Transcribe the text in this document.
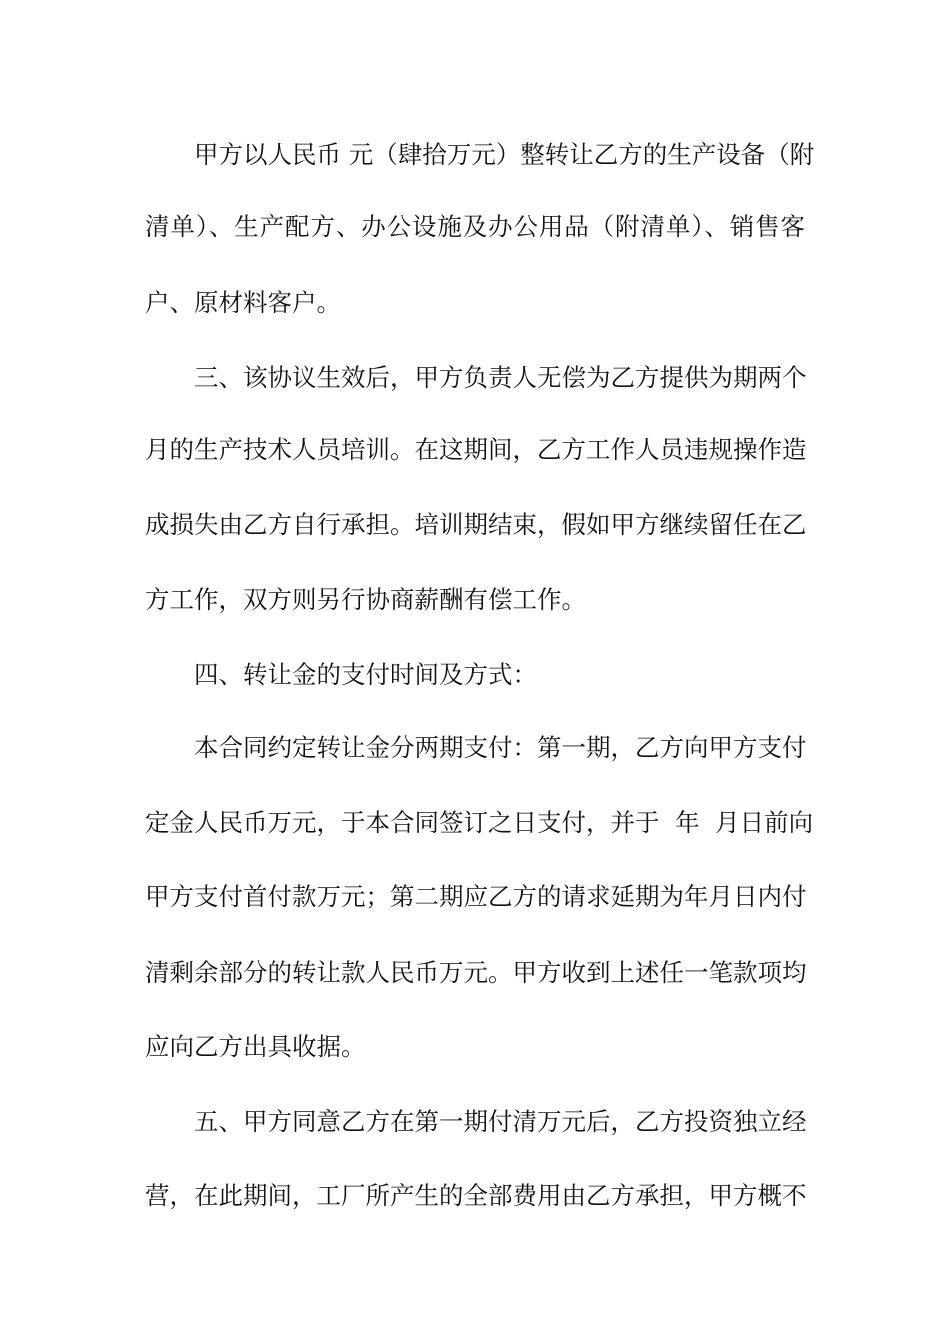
甲方以人民币 元（肆拾万元）整转让乙方的生产设备（附
清单）、生产配方、办公设施及办公用品（附清单）、销售客
户、原材料客户。
三、该协议生效后，甲方负责人无偿为乙方提供为期两个
月的生产技术人员培训。在这期间，乙方工作人员违规操作造
成损失由乙方自行承担。培训期结束，假如甲方继续留任在乙
方工作，双方则另行协商薪酬有偿工作。
四、转让金的支付时间及方式：
本合同约定转让金分两期支付：第一期，乙方向甲方支付
定金人民币万元，于本合同签订之日支付，并于  年  月日前向
甲方支付首付款万元；第二期应乙方的请求延期为年月日内付
清剩余部分的转让款人民币万元。甲方收到上述任一笔款项均
应向乙方出具收据。
五、甲方同意乙方在第一期付清万元后，乙方投资独立经
营，在此期间，工厂所产生的全部费用由乙方承担，甲方概不
